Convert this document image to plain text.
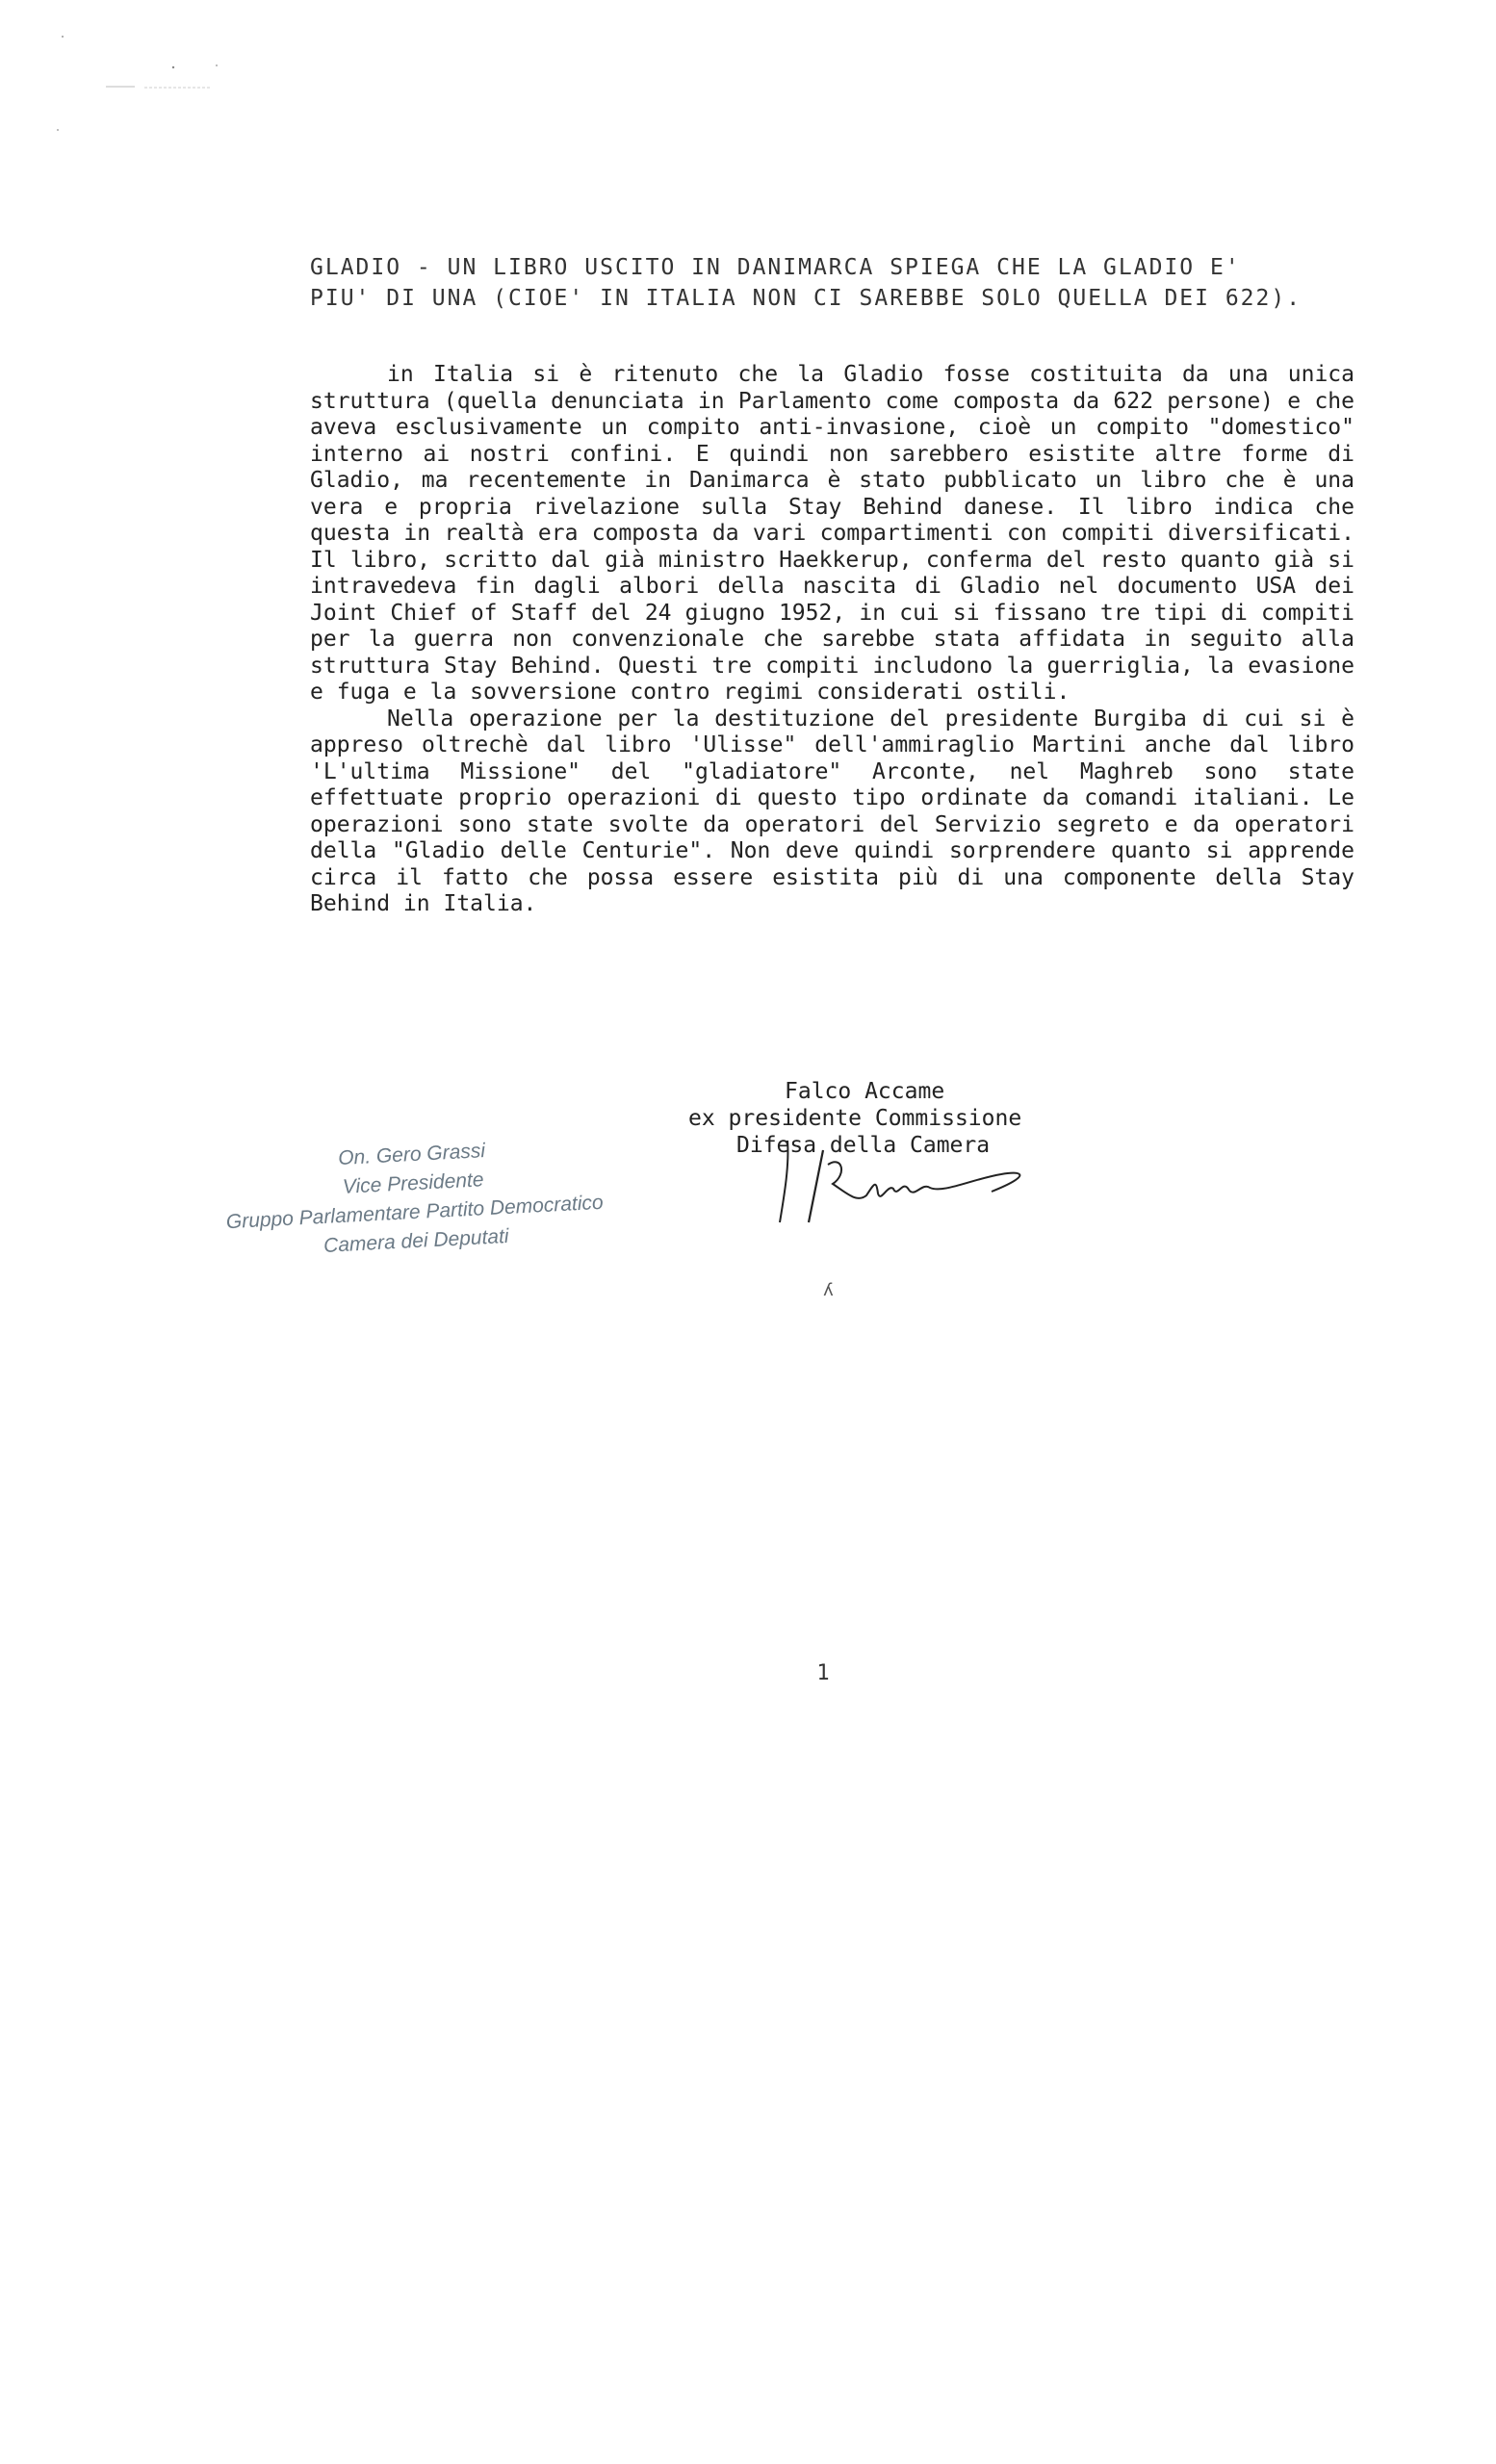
GLADIO - UN LIBRO USCITO IN DANIMARCA SPIEGA CHE LA GLADIO E'
PIU' DI UNA (CIOE' IN ITALIA NON CI SAREBBE SOLO QUELLA DEI 622).

in Italia si è ritenuto che la Gladio fosse costituita da una unica struttura (quella denunciata in Parlamento come composta da 622 persone) e che aveva esclusivamente un compito anti-invasione, cioè un compito "domestico" interno ai nostri confini. E quindi non sarebbero esistite altre forme di Gladio, ma recentemente in Danimarca è stato pubblicato un libro che è una vera e propria rivelazione sulla Stay Behind danese. Il libro indica che questa in realtà era composta da vari compartimenti con compiti diversificati. Il libro, scritto dal già ministro Haekkerup, conferma del resto quanto già si intravedeva fin dagli albori della nascita di Gladio nel documento USA dei Joint Chief of Staff del 24 giugno 1952, in cui si fissano tre tipi di compiti per la guerra non convenzionale che sarebbe stata affidata in seguito alla struttura Stay Behind. Questi tre compiti includono la guerriglia, la evasione e fuga e la sovversione contro regimi considerati ostili.

Nella operazione per la destituzione del presidente Burgiba di cui si è appreso oltrechè dal libro 'Ulisse" dell'ammiraglio Martini anche dal libro 'L'ultima Missione" del "gladiatore" Arconte, nel Maghreb sono state effettuate proprio operazioni di questo tipo ordinate da comandi italiani. Le operazioni sono state svolte da operatori del Servizio segreto e da operatori della "Gladio delle Centurie". Non deve quindi sorprendere quanto si apprende circa il fatto che possa essere esistita più di una componente della Stay Behind in Italia.

Falco Accame
ex presidente Commissione
Difesa della Camera
On. Gero Grassi
Vice Presidente
Gruppo Parlamentare Partito Democratico
Camera dei Deputati
ʎ
1
